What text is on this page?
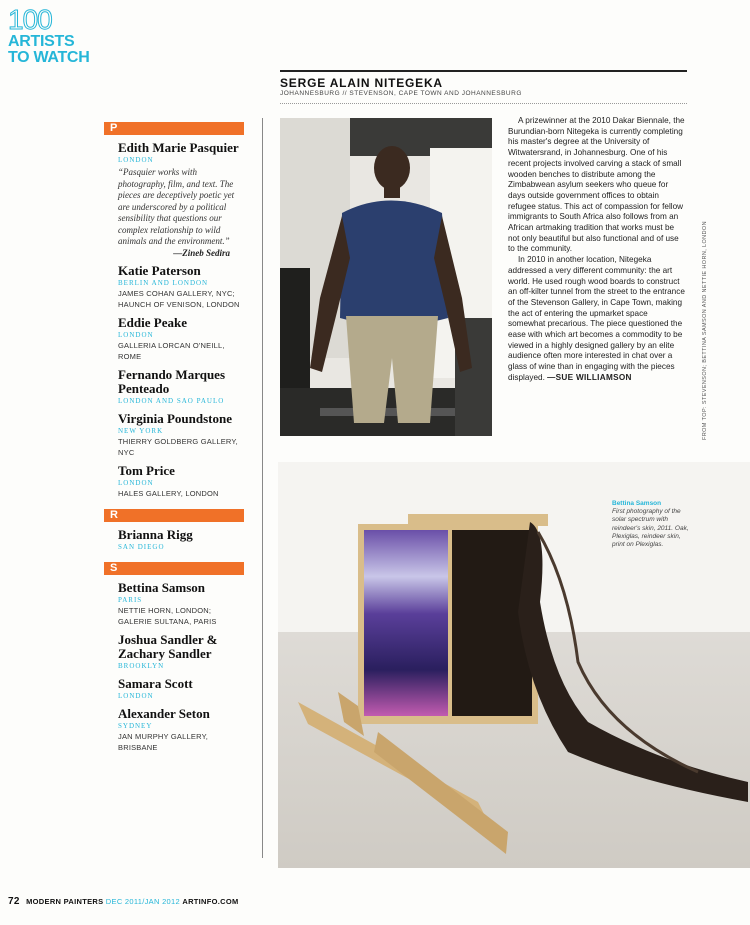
100
ARTISTS
TO WATCH
P
Edith Marie Pasquier
LONDON
“Pasquier works with photography, film, and text. The pieces are deceptively poetic yet are underscored by a political sensibility that questions our complex relationship to wild animals and the environment.”
—Zineb Sedira
Katie Paterson
BERLIN AND LONDON
JAMES COHAN GALLERY, NYC; HAUNCH OF VENISON, LONDON
Eddie Peake
LONDON
GALLERIA LORCAN O'NEILL, ROME
Fernando Marques Penteado
LONDON AND SAO PAULO
Virginia Poundstone
NEW YORK
THIERRY GOLDBERG GALLERY, NYC
Tom Price
LONDON
HALES GALLERY, LONDON
R
Brianna Rigg
SAN DIEGO
S
Bettina Samson
PARIS
NETTIE HORN, LONDON; GALERIE SULTANA, PARIS
Joshua Sandler & Zachary Sandler
BROOKLYN
Samara Scott
LONDON
Alexander Seton
SYDNEY
JAN MURPHY GALLERY, BRISBANE
SERGE ALAIN NITEGEKA
JOHANNESBURG // STEVENSON, CAPE TOWN AND JOHANNESBURG

A prizewinner at the 2010 Dakar Biennale, the Burundian-born Nitegeka is currently completing his master's degree at the University of Witwatersrand, in Johannesburg. One of his recent projects involved carving a stack of small wooden benches to distribute among the Zimbabwean asylum seekers who queue for days outside government offices to obtain refugee status. This act of compassion for fellow immigrants to South Africa also follows from an African artmaking tradition that works must be not only beautiful but also functional and of use to the community.

In 2010 in another location, Nitegeka addressed a very different community: the art world. He used rough wood boards to construct an off-kilter tunnel from the street to the entrance of the Stevenson Gallery, in Cape Town, making the act of entering the upmarket space somewhat precarious. The piece questioned the ease with which art becomes a commodity to be viewed in a highly designed gallery by an elite audience often more interested in chat over a glass of wine than in engaging with the pieces displayed. —SUE WILLIAMSON	FROM TOP: STEVENSON; BETTINA SAMSON AND NETTIE HORN, LONDON
Bettina Samson
First photography of the solar spectrum with reindeer's skin, 2011. Oak, Plexiglas, reindeer skin, print on Plexiglas.
72 MODERN PAINTERS DEC 2011/JAN 2012 ARTINFO.COM
